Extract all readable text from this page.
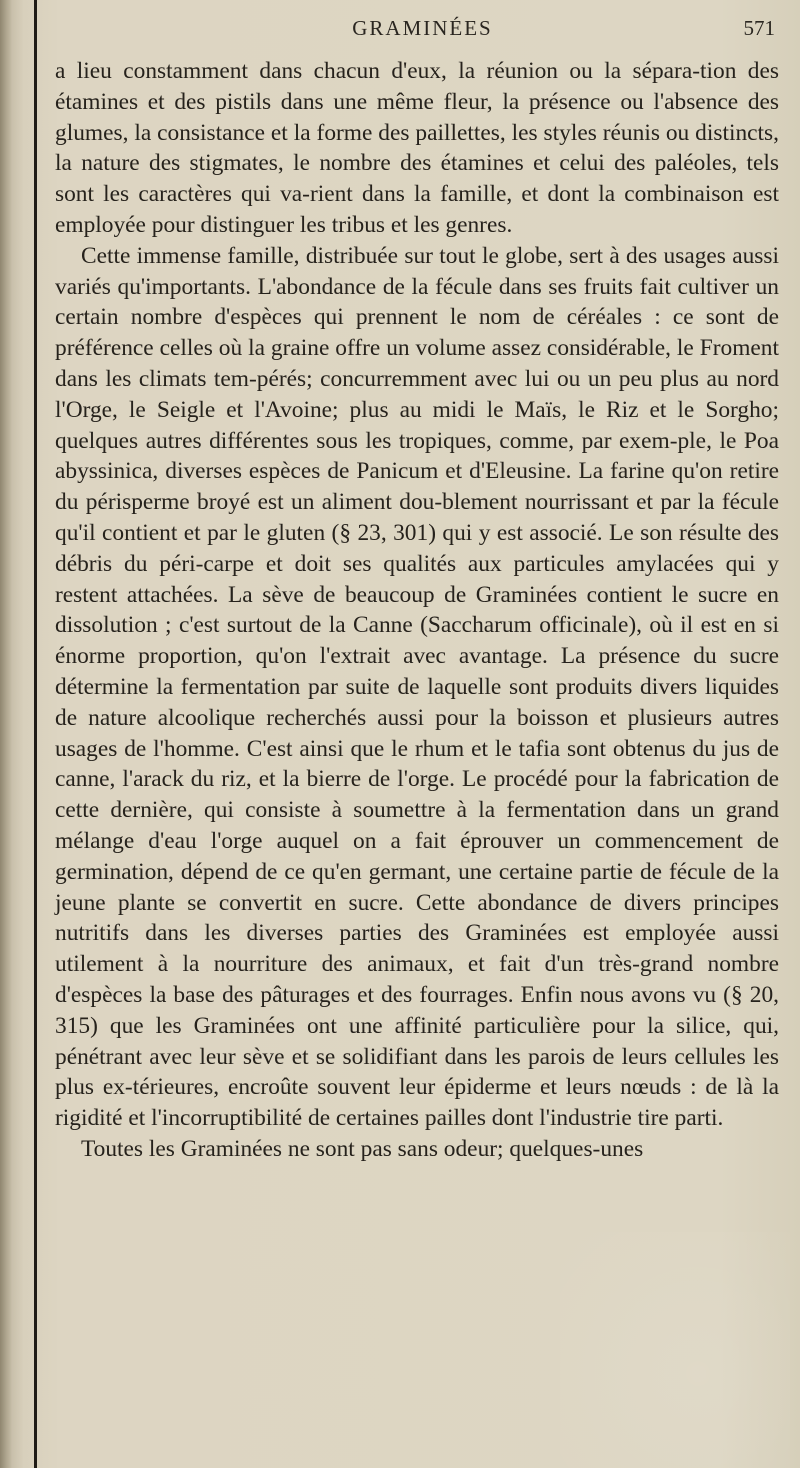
GRAMINÉES	571

a lieu constamment dans chacun d'eux, la réunion ou la sépara-tion des étamines et des pistils dans une même fleur, la présence ou l'absence des glumes, la consistance et la forme des paillettes, les styles réunis ou distincts, la nature des stigmates, le nombre des étamines et celui des paléoles, tels sont les caractères qui va-rient dans la famille, et dont la combinaison est employée pour distinguer les tribus et les genres.

Cette immense famille, distribuée sur tout le globe, sert à des usages aussi variés qu'importants. L'abondance de la fécule dans ses fruits fait cultiver un certain nombre d'espèces qui prennent le nom de céréales : ce sont de préférence celles où la graine offre un volume assez considérable, le Froment dans les climats tem-pérés; concurremment avec lui ou un peu plus au nord l'Orge, le Seigle et l'Avoine; plus au midi le Maïs, le Riz et le Sorgho; quelques autres différentes sous les tropiques, comme, par exem-ple, le Poa abyssinica, diverses espèces de Panicum et d'Eleusine. La farine qu'on retire du périsperme broyé est un aliment dou-blement nourrissant et par la fécule qu'il contient et par le gluten (§ 23, 301) qui y est associé. Le son résulte des débris du péri-carpe et doit ses qualités aux particules amylacées qui y restent attachées. La sève de beaucoup de Graminées contient le sucre en dissolution ; c'est surtout de la Canne (Saccharum officinale), où il est en si énorme proportion, qu'on l'extrait avec avantage. La présence du sucre détermine la fermentation par suite de laquelle sont produits divers liquides de nature alcoolique recherchés aussi pour la boisson et plusieurs autres usages de l'homme. C'est ainsi que le rhum et le tafia sont obtenus du jus de canne, l'arack du riz, et la bierre de l'orge. Le procédé pour la fabrication de cette dernière, qui consiste à soumettre à la fermentation dans un grand mélange d'eau l'orge auquel on a fait éprouver un commencement de germination, dépend de ce qu'en germant, une certaine partie de fécule de la jeune plante se convertit en sucre. Cette abondance de divers principes nutritifs dans les diverses parties des Graminées est employée aussi utilement à la nourriture des animaux, et fait d'un très-grand nombre d'espèces la base des pâturages et des fourrages. Enfin nous avons vu (§ 20, 315) que les Graminées ont une affinité particulière pour la silice, qui, pénétrant avec leur sève et se solidifiant dans les parois de leurs cellules les plus ex-térieures, encroûte souvent leur épiderme et leurs nœuds : de là la rigidité et l'incorruptibilité de certaines pailles dont l'industrie tire parti.

Toutes les Graminées ne sont pas sans odeur; quelques-unes
